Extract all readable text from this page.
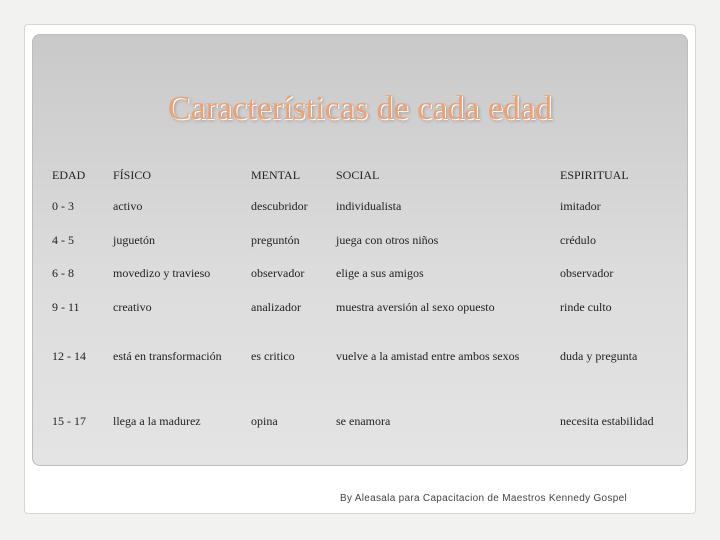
Características de cada edad
EDAD	FÍSICO	MENTAL	SOCIAL	ESPIRITUAL
0 - 3	activo	descubridor	individualista	imitador
4 - 5	juguetón	preguntón	juega con otros niños	crédulo
6 - 8	movedizo y travieso	observador	elige a sus amigos	observador
9 - 11	creativo	analizador	muestra aversión al sexo opuesto	rinde culto
12 - 14	está en transformación	es critico	vuelve a la amistad entre ambos sexos	duda y pregunta
15 - 17	llega a la madurez	opina	se enamora	necesita estabilidad
By Aleasala para Capacitacion de Maestros Kennedy Gospel
